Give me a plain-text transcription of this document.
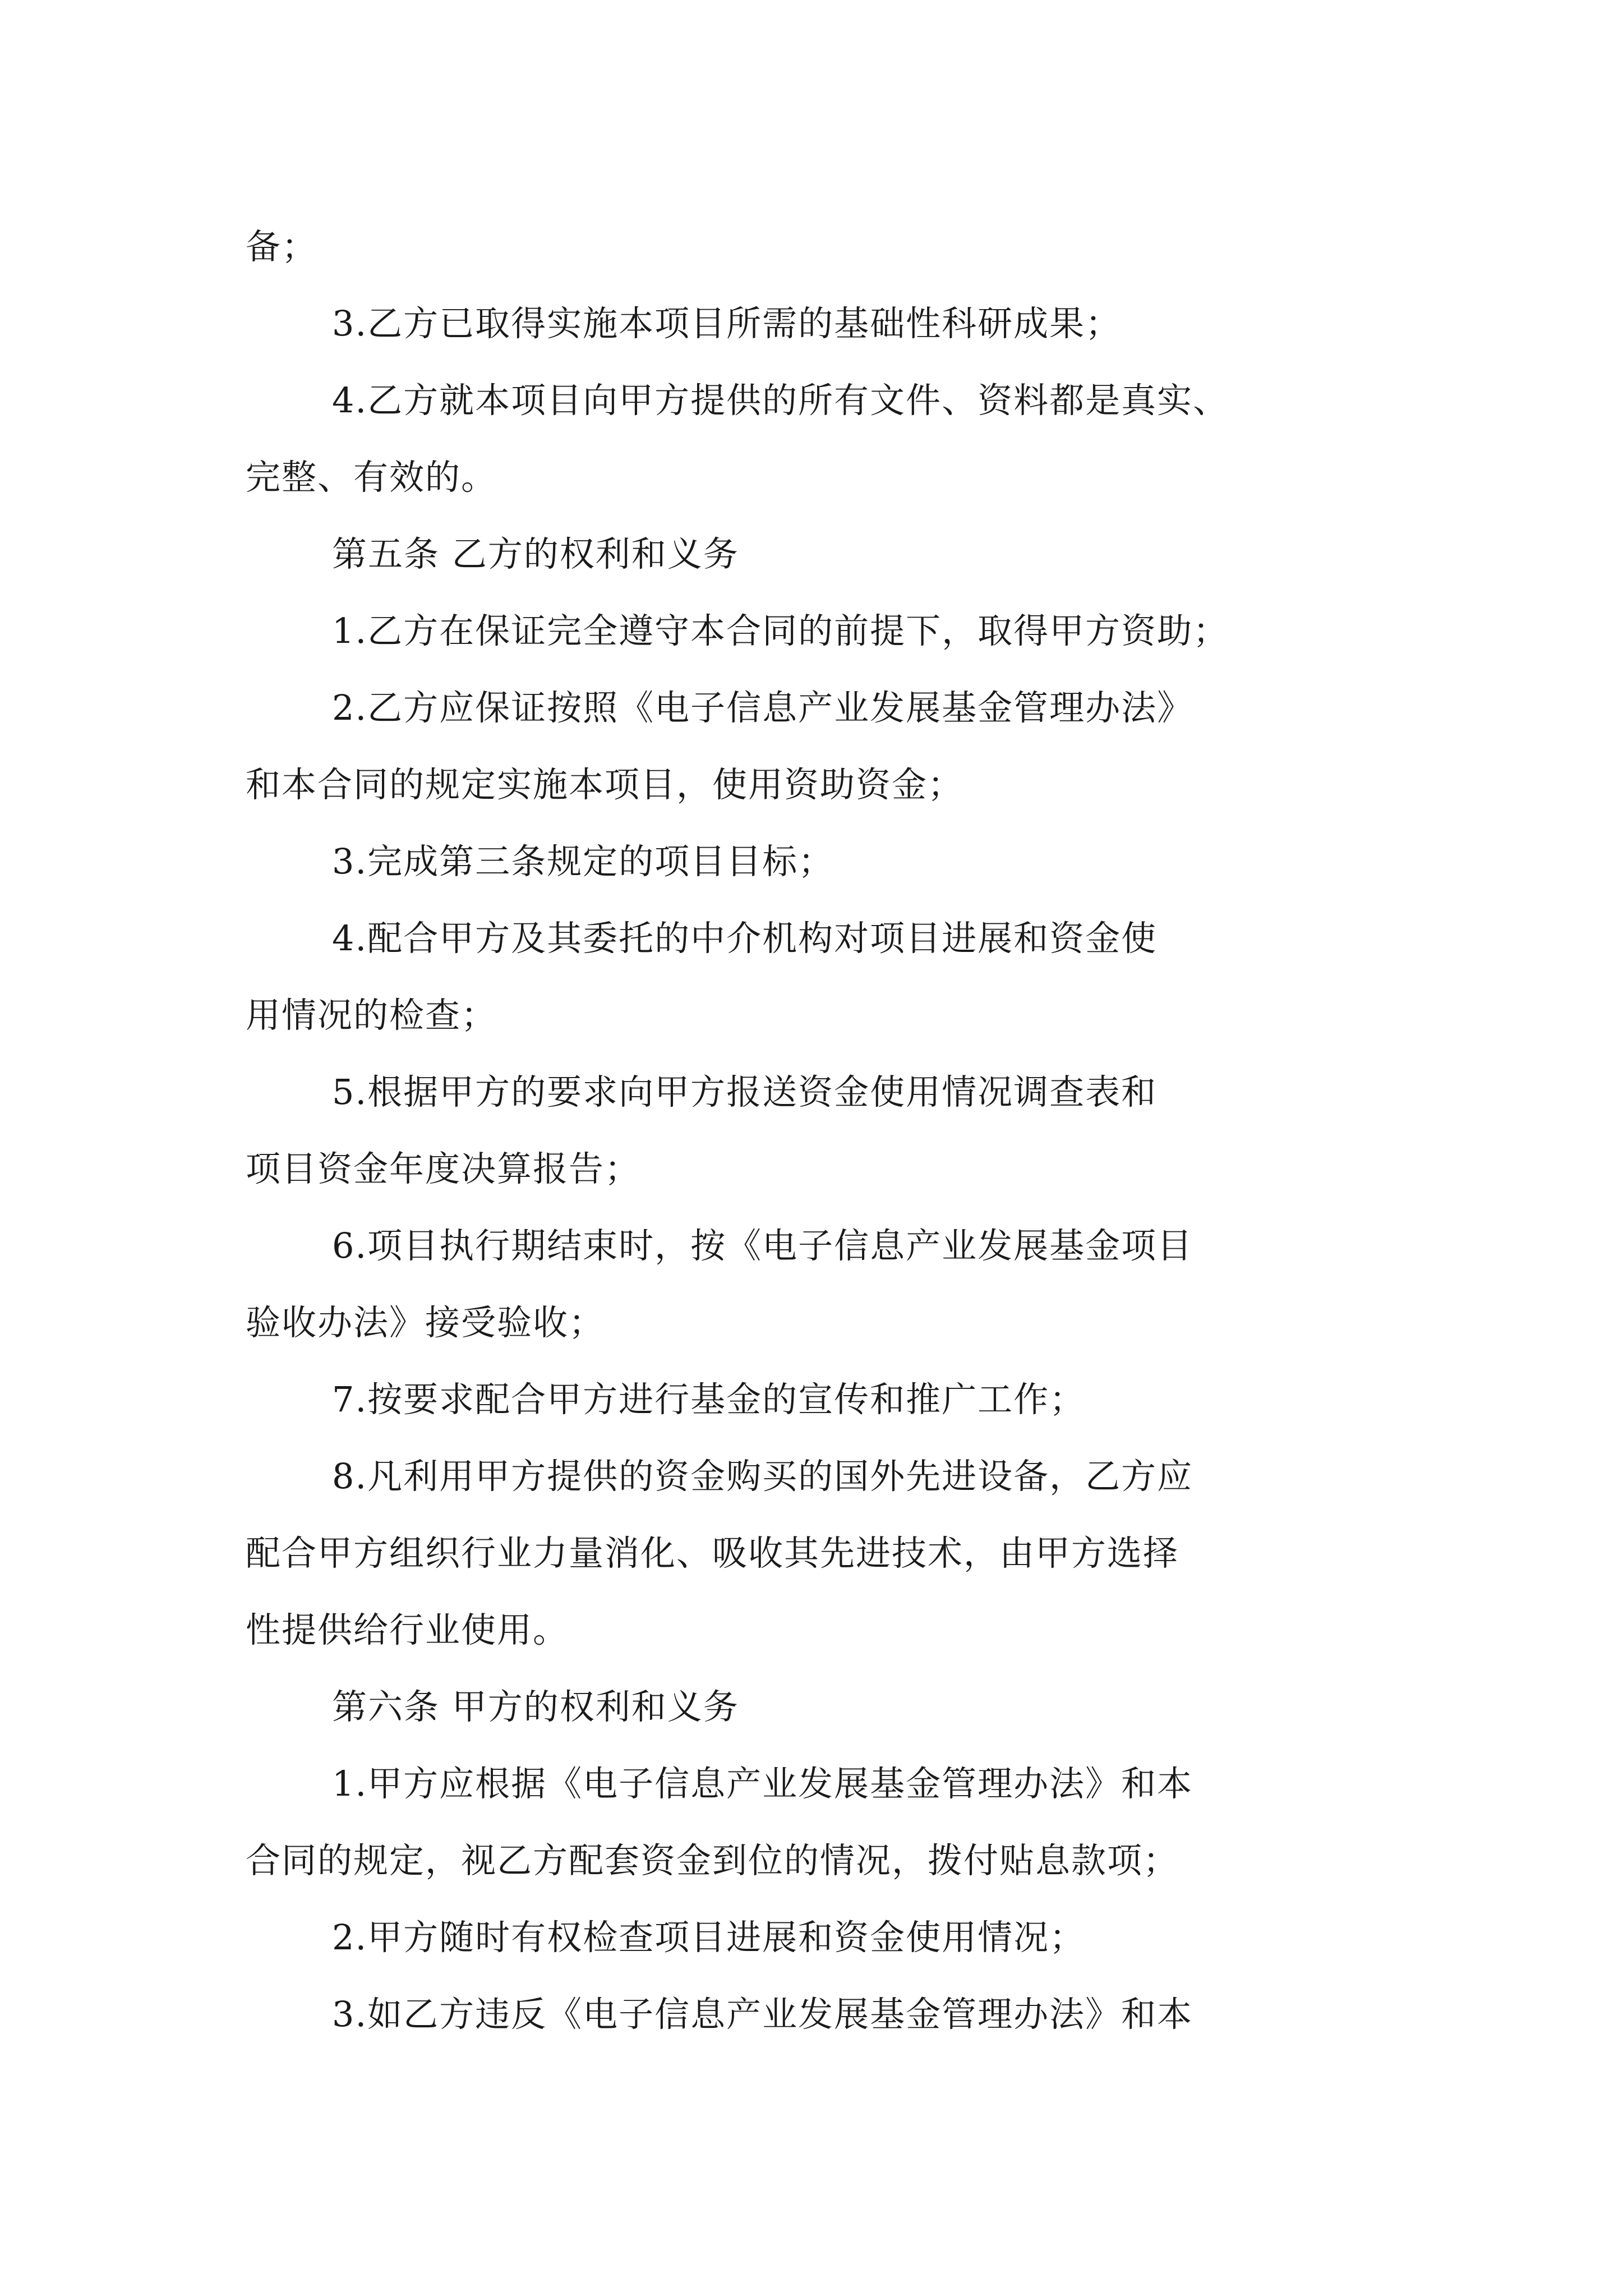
备；
3.乙方已取得实施本项目所需的基础性科研成果；
4.乙方就本项目向甲方提供的所有文件、资料都是真实、
完整、有效的。
第五条 乙方的权利和义务
1.乙方在保证完全遵守本合同的前提下，取得甲方资助；
2.乙方应保证按照《电子信息产业发展基金管理办法》
和本合同的规定实施本项目，使用资助资金；
3.完成第三条规定的项目目标；
4.配合甲方及其委托的中介机构对项目进展和资金使
用情况的检查；
5.根据甲方的要求向甲方报送资金使用情况调查表和
项目资金年度决算报告；
6.项目执行期结束时，按《电子信息产业发展基金项目
验收办法》接受验收；
7.按要求配合甲方进行基金的宣传和推广工作；
8.凡利用甲方提供的资金购买的国外先进设备，乙方应
配合甲方组织行业力量消化、吸收其先进技术，由甲方选择
性提供给行业使用。
第六条 甲方的权利和义务
1.甲方应根据《电子信息产业发展基金管理办法》和本
合同的规定，视乙方配套资金到位的情况，拨付贴息款项；
2.甲方随时有权检查项目进展和资金使用情况；
3.如乙方违反《电子信息产业发展基金管理办法》和本
